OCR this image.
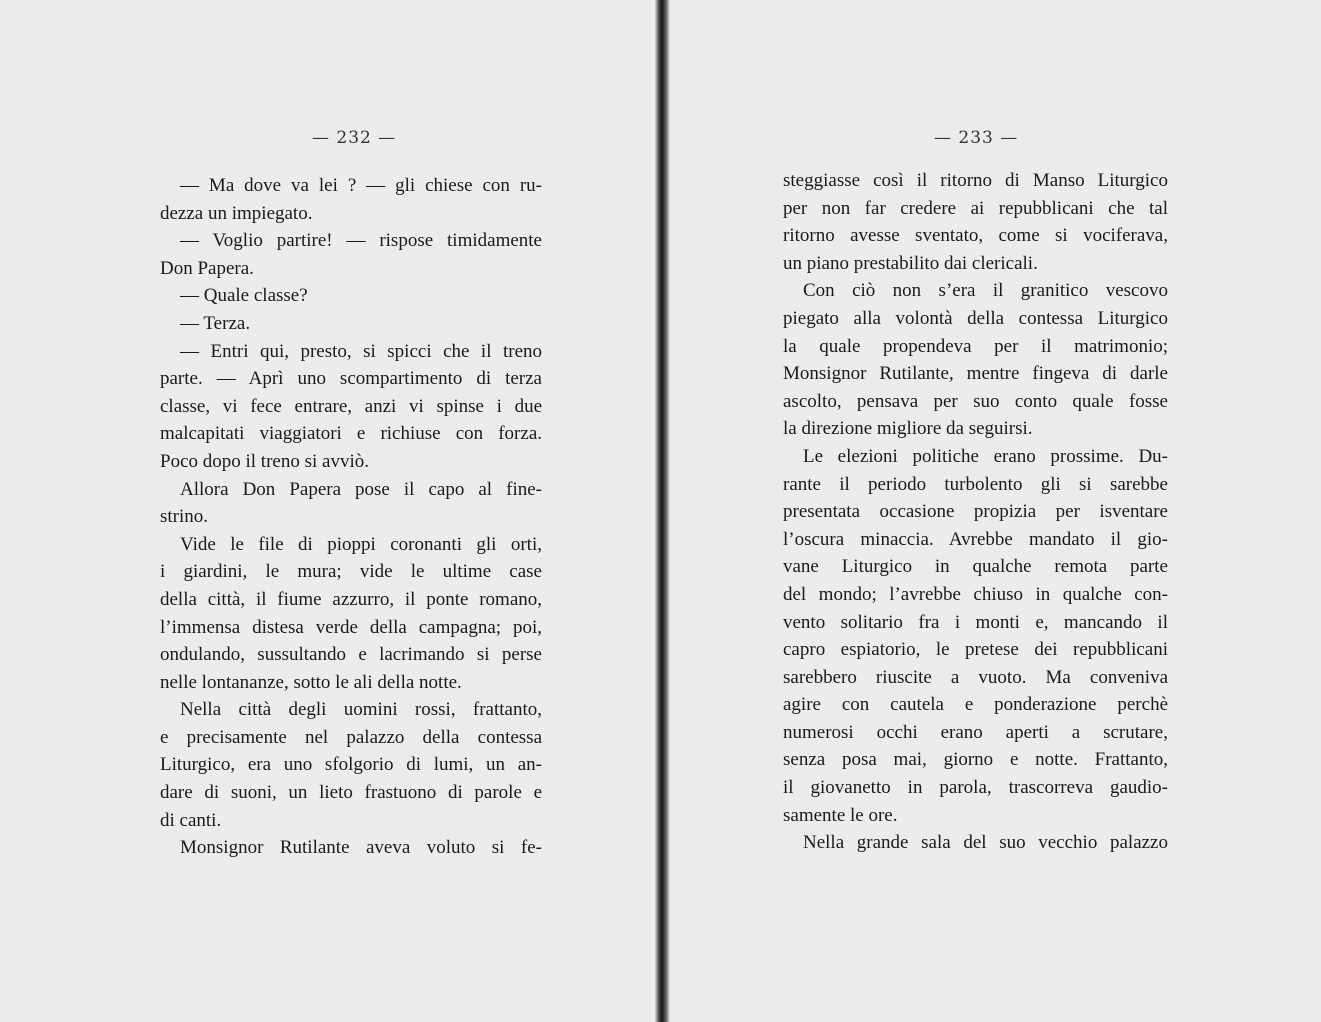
— 232 —
— Ma dove va lei ? — gli chiese con ru-
dezza un impiegato.
— Voglio partire! — rispose timidamente
Don Papera.
— Quale classe?
— Terza.
— Entri qui, presto, si spicci che il treno
parte. — Aprì uno scompartimento di terza
classe, vi fece entrare, anzi vi spinse i due
malcapitati viaggiatori e richiuse con forza.
Poco dopo il treno si avviò.
Allora Don Papera pose il capo al fine-
strino.
Vide le file di pioppi coronanti gli orti,
i giardini, le mura; vide le ultime case
della città, il fiume azzurro, il ponte romano,
l’immensa distesa verde della campagna; poi,
ondulando, sussultando e lacrimando si perse
nelle lontananze, sotto le ali della notte.
Nella città degli uomini rossi, frattanto,
e precisamente nel palazzo della contessa
Liturgico, era uno sfolgorio di lumi, un an-
dare di suoni, un lieto frastuono di parole e
di canti.
Monsignor Rutilante aveva voluto si fe-
— 233 —
steggiasse così il ritorno di Manso Liturgico
per non far credere ai repubblicani che tal
ritorno avesse sventato, come si vociferava,
un piano prestabilito dai clericali.
Con ciò non s’era il granitico vescovo
piegato alla volontà della contessa Liturgico
la quale propendeva per il matrimonio;
Monsignor Rutilante, mentre fingeva di darle
ascolto, pensava per suo conto quale fosse
la direzione migliore da seguirsi.
Le elezioni politiche erano prossime. Du-
rante il periodo turbolento gli si sarebbe
presentata occasione propizia per isventare
l’oscura minaccia. Avrebbe mandato il gio-
vane Liturgico in qualche remota parte
del mondo; l’avrebbe chiuso in qualche con-
vento solitario fra i monti e, mancando il
capro espiatorio, le pretese dei repubblicani
sarebbero riuscite a vuoto. Ma conveniva
agire con cautela e ponderazione perchè
numerosi occhi erano aperti a scrutare,
senza posa mai, giorno e notte. Frattanto,
il giovanetto in parola, trascorreva gaudio-
samente le ore.
Nella grande sala del suo vecchio palazzo
